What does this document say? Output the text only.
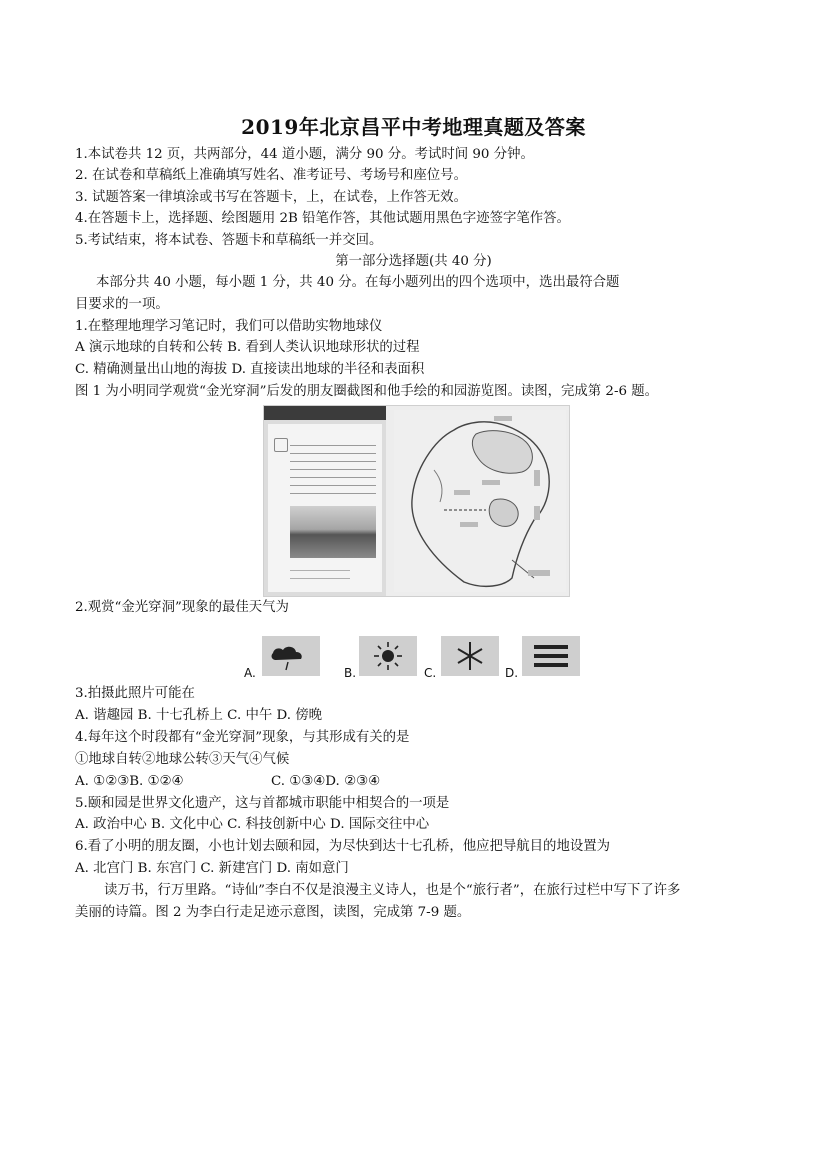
2019年北京昌平中考地理真题及答案
1.本试卷共 12 页，共两部分，44 道小题，满分 90 分。考试时间 90 分钟。
2. 在试卷和草稿纸上准确填写姓名、准考证号、考场号和座位号。
3. 试题答案一律填涂或书写在答题卡，上，在试卷，上作答无效。
4.在答题卡上，选择题、绘图题用 2B 铅笔作答，其他试题用黑色字迹签字笔作答。
5.考试结束，将本试卷、答题卡和草稿纸一并交回。
第一部分选择题(共 40 分)
本部分共 40 小题，每小题 1 分，共 40 分。在每小题列出的四个选项中，选出最符合题
目要求的一项。
1.在整理地理学习笔记时，我们可以借助实物地球仪
A 演示地球的自转和公转 B. 看到人类认识地球形状的过程
C. 精确测量出山地的海拔 D. 直接读出地球的半径和表面积
图 1 为小明同学观赏“金光穿洞”后发的朋友圈截图和他手绘的和园游览图。读图，完成第 2-6 题。
2.观赏“金光穿洞”现象的最佳天气为
A.	B.	C.	D.
3.拍摄此照片可能在
A. 谐趣园 B. 十七孔桥上 C. 中午 D. 傍晚
4.每年这个时段都有“金光穿洞”现象，与其形成有关的是
①地球自转②地球公转③天气④气候
A. ①②③B. ①②④	C. ①③④D. ②③④
5.颐和园是世界文化遗产，这与首都城市职能中相契合的一项是
A. 政治中心 B. 文化中心 C. 科技创新中心 D. 国际交往中心
6.看了小明的朋友圈，小也计划去颐和园，为尽快到达十七孔桥，他应把导航目的地设置为
A. 北宫门 B. 东宫门 C. 新建宫门 D. 南如意门
读万书，行万里路。“诗仙”李白不仅是浪漫主义诗人，也是个“旅行者”，在旅行过栏中写下了许多
美丽的诗篇。图 2 为李白行走足迹示意图，读图，完成第 7-9 题。
